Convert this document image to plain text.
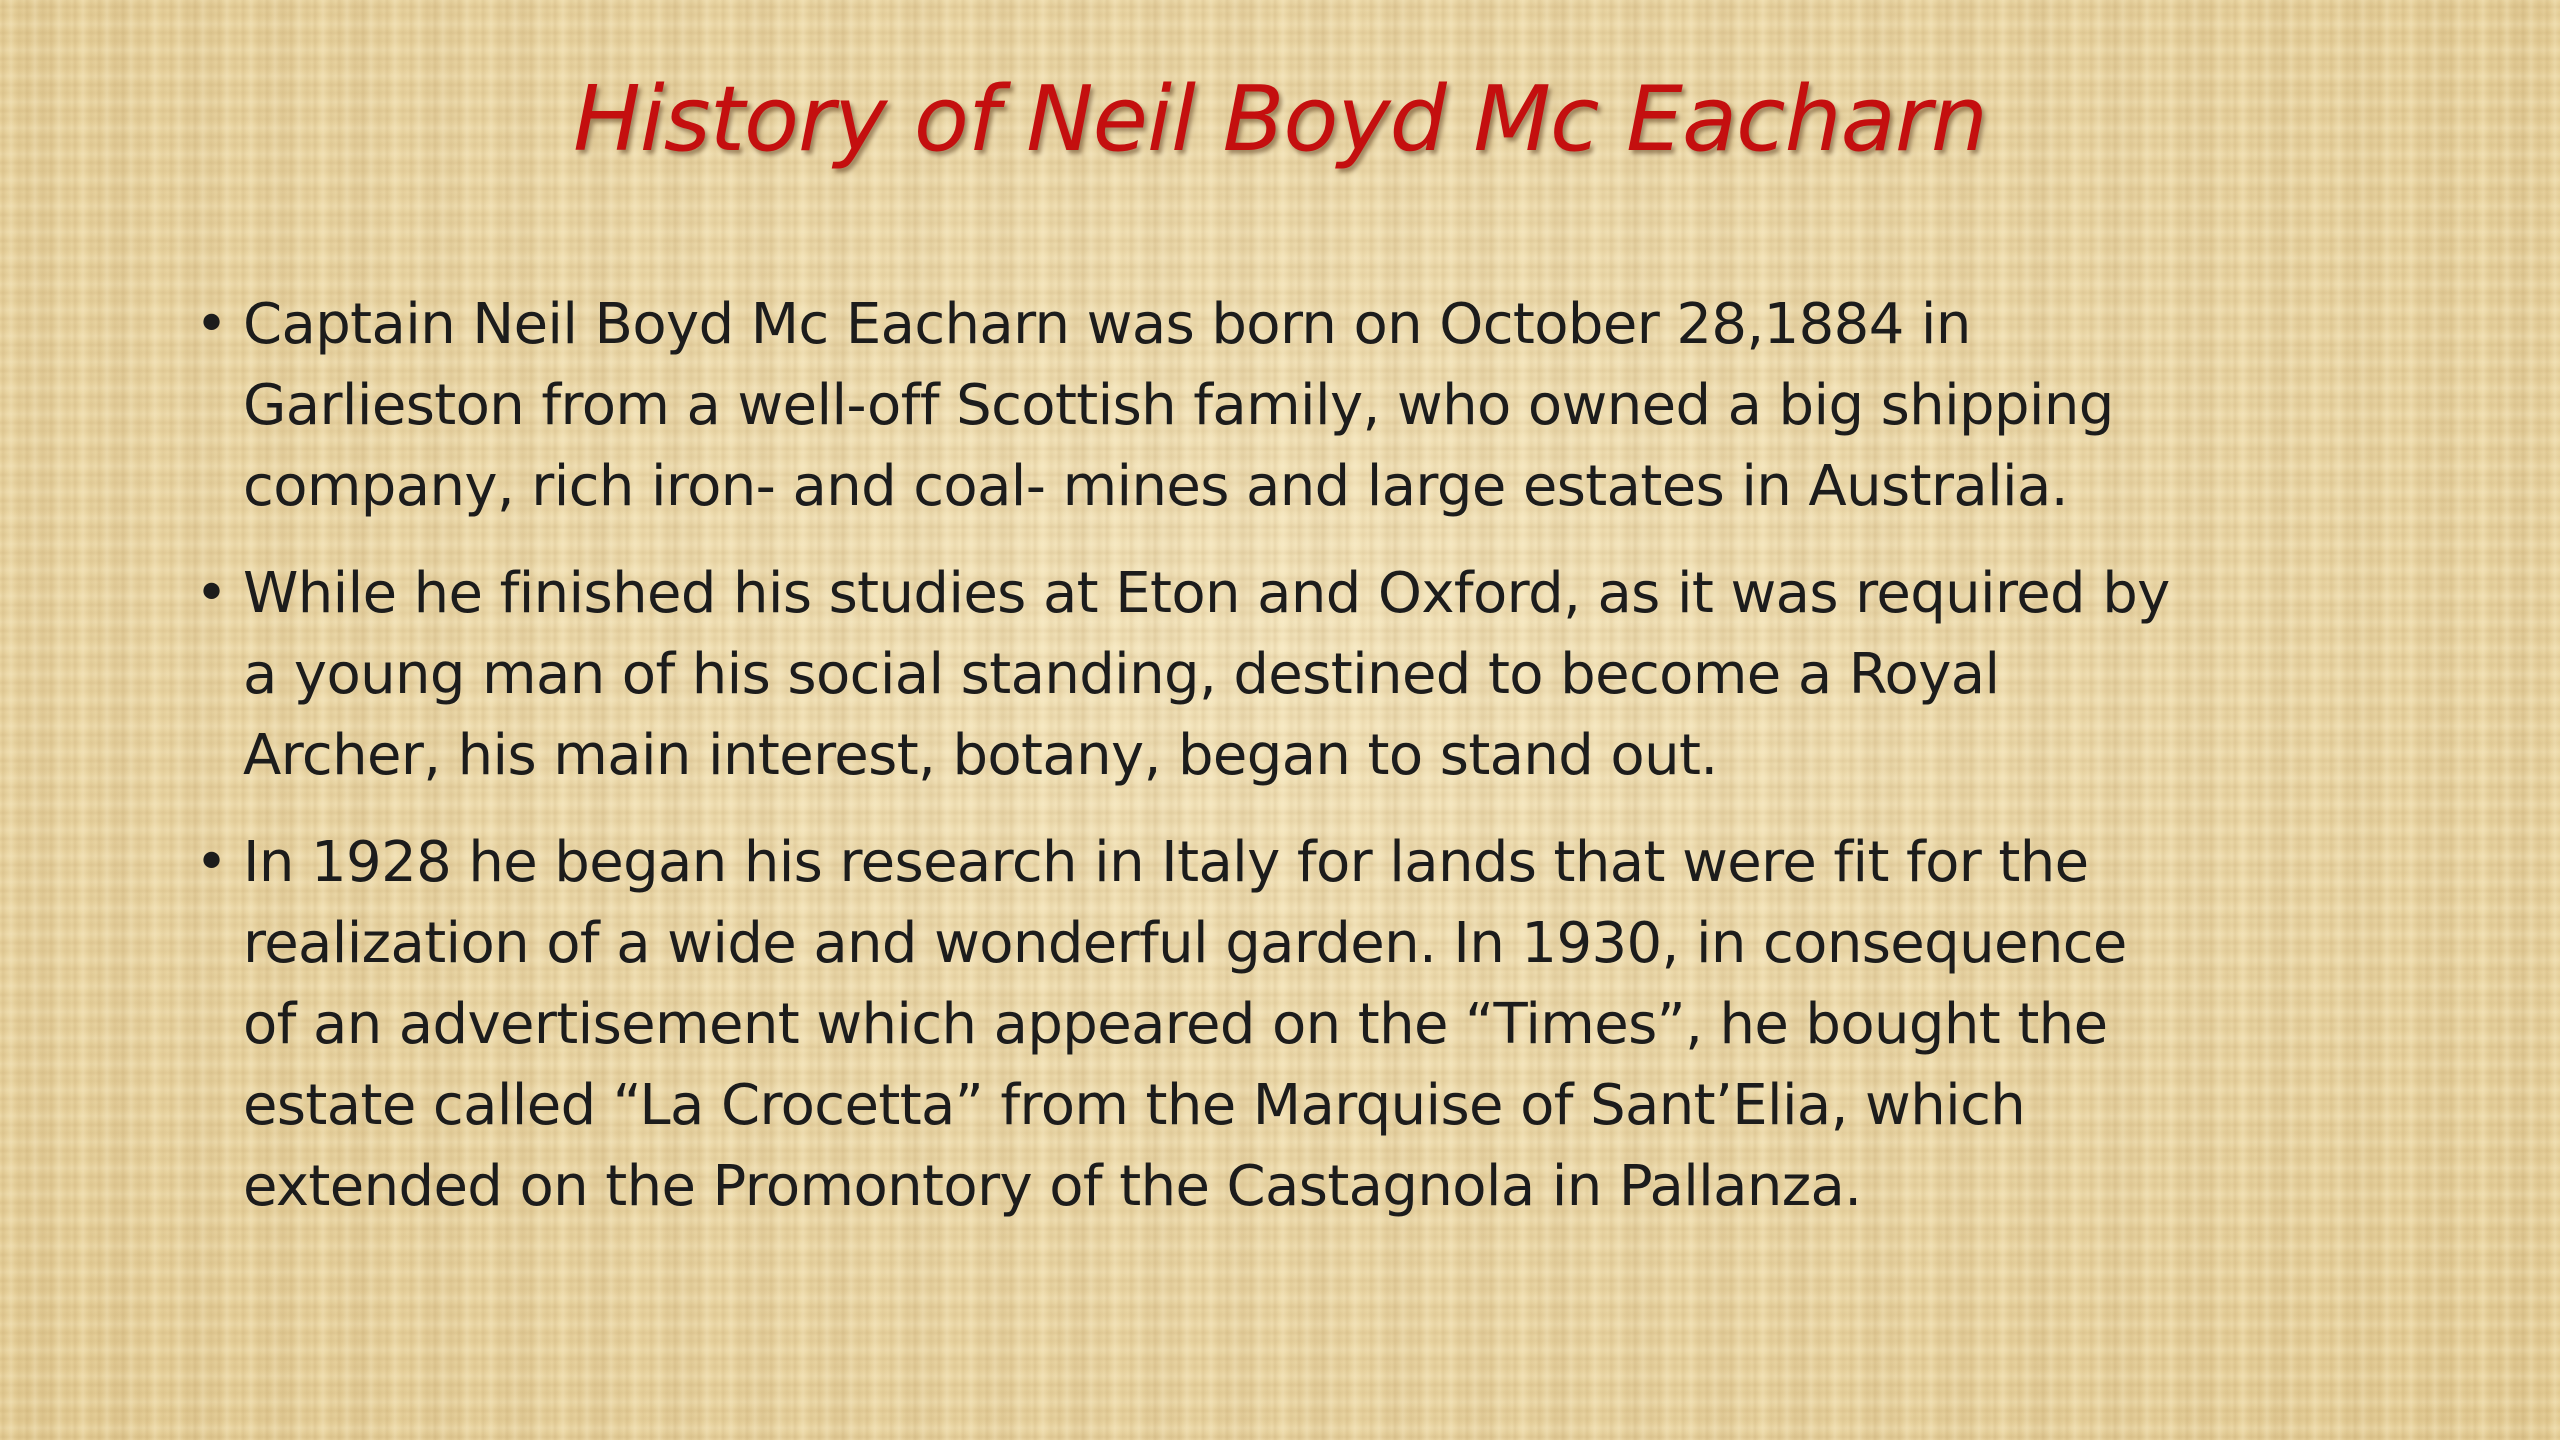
History of Neil Boyd Mc Eacharn
• Captain Neil Boyd Mc Eacharn was born on October 28,1884 in
Garlieston from a well-off Scottish family, who owned a big shipping
company, rich iron- and coal- mines and large estates in Australia.
• While he finished his studies at Eton and Oxford, as it was required by
a young man of his social standing, destined to become a Royal
Archer, his main interest, botany, began to stand out.
• In 1928 he began his research in Italy for lands that were fit for the
realization of a wide and wonderful garden. In 1930, in consequence
of an advertisement which appeared on the “Times”, he bought the
estate called “La Crocetta” from the Marquise of Sant’Elia, which
extended on the Promontory of the Castagnola in Pallanza.
